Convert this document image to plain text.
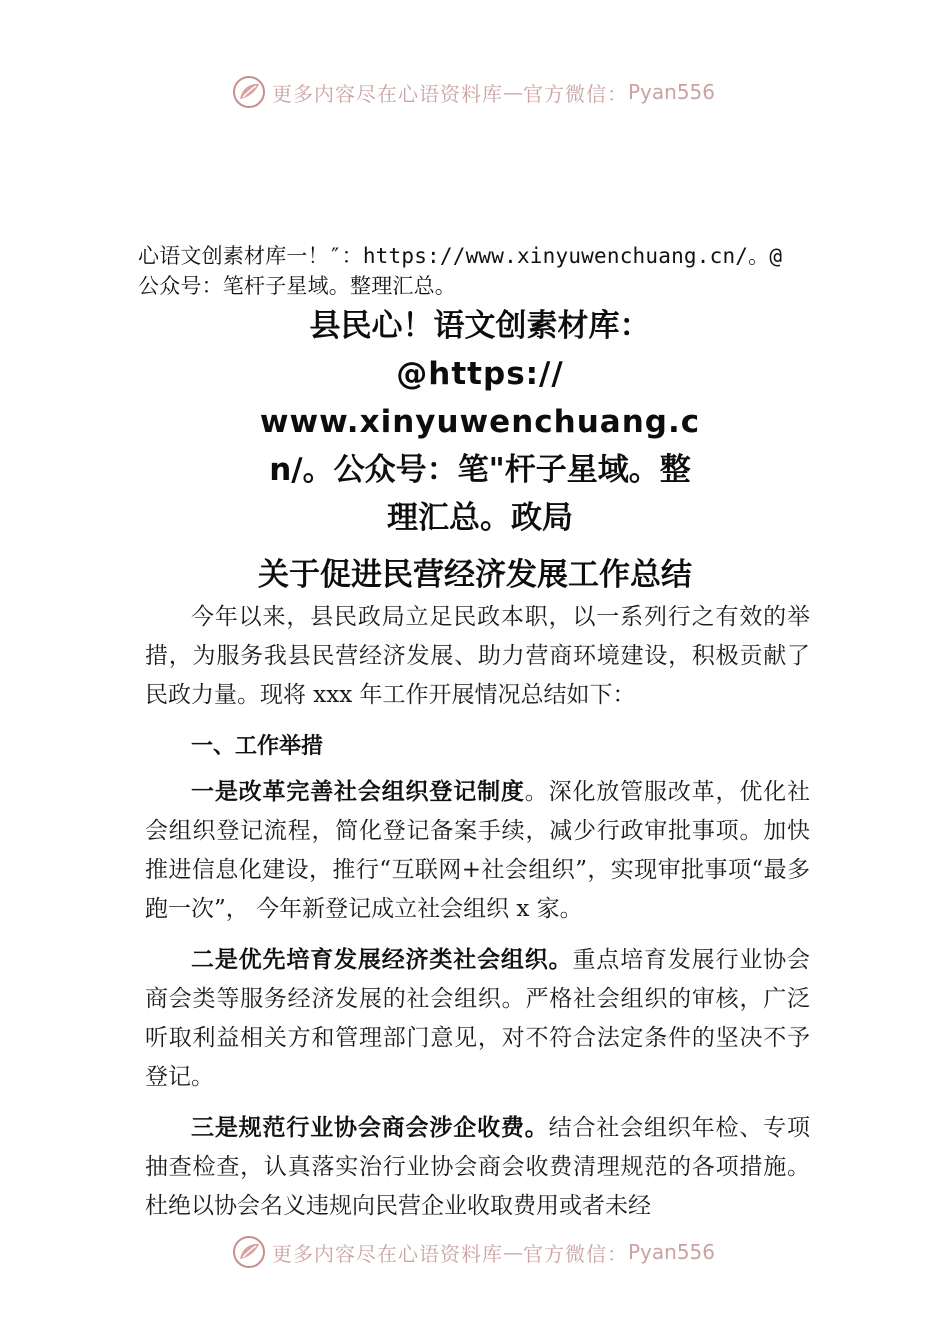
更多内容尽在心语资料库 — 官方微信： Pyan556
心语文创素材库一！″：https://www.xinyuwenchuang.cn/。@
公众号：笔杆子星域。整理汇总。
县民心！语文创素材库：
@https://
www.xinyuwenchuang.c
n/。公众号：笔"杆子星域。整
理汇总。政局
关于促进民营经济发展工作总结

今年以来，县民政局立足民政本职，以一系列行之有效的举措，为服务我县民营经济发展、助力营商环境建设，积极贡献了民政力量。现将 xxx 年工作开展情况总结如下：

一、工作举措

一是改革完善社会组织登记制度。深化放管服改革，优化社会组织登记流程，简化登记备案手续，减少行政审批事项。加快推进信息化建设，推行“互联网+社会组织”，实现审批事项“最多跑一次”， 今年新登记成立社会组织 x 家。

二是优先培育发展经济类社会组织。重点培育发展行业协会商会类等服务经济发展的社会组织。严格社会组织的审核，广泛听取利益相关方和管理部门意见，对不符合法定条件的坚决不予登记。

三是规范行业协会商会涉企收费。结合社会组织年检、专项抽查检查，认真落实治行业协会商会收费清理规范的各项措施。杜绝以协会名义违规向民营企业收取费用或者未经

更多内容尽在心语资料库 — 官方微信： Pyan556
